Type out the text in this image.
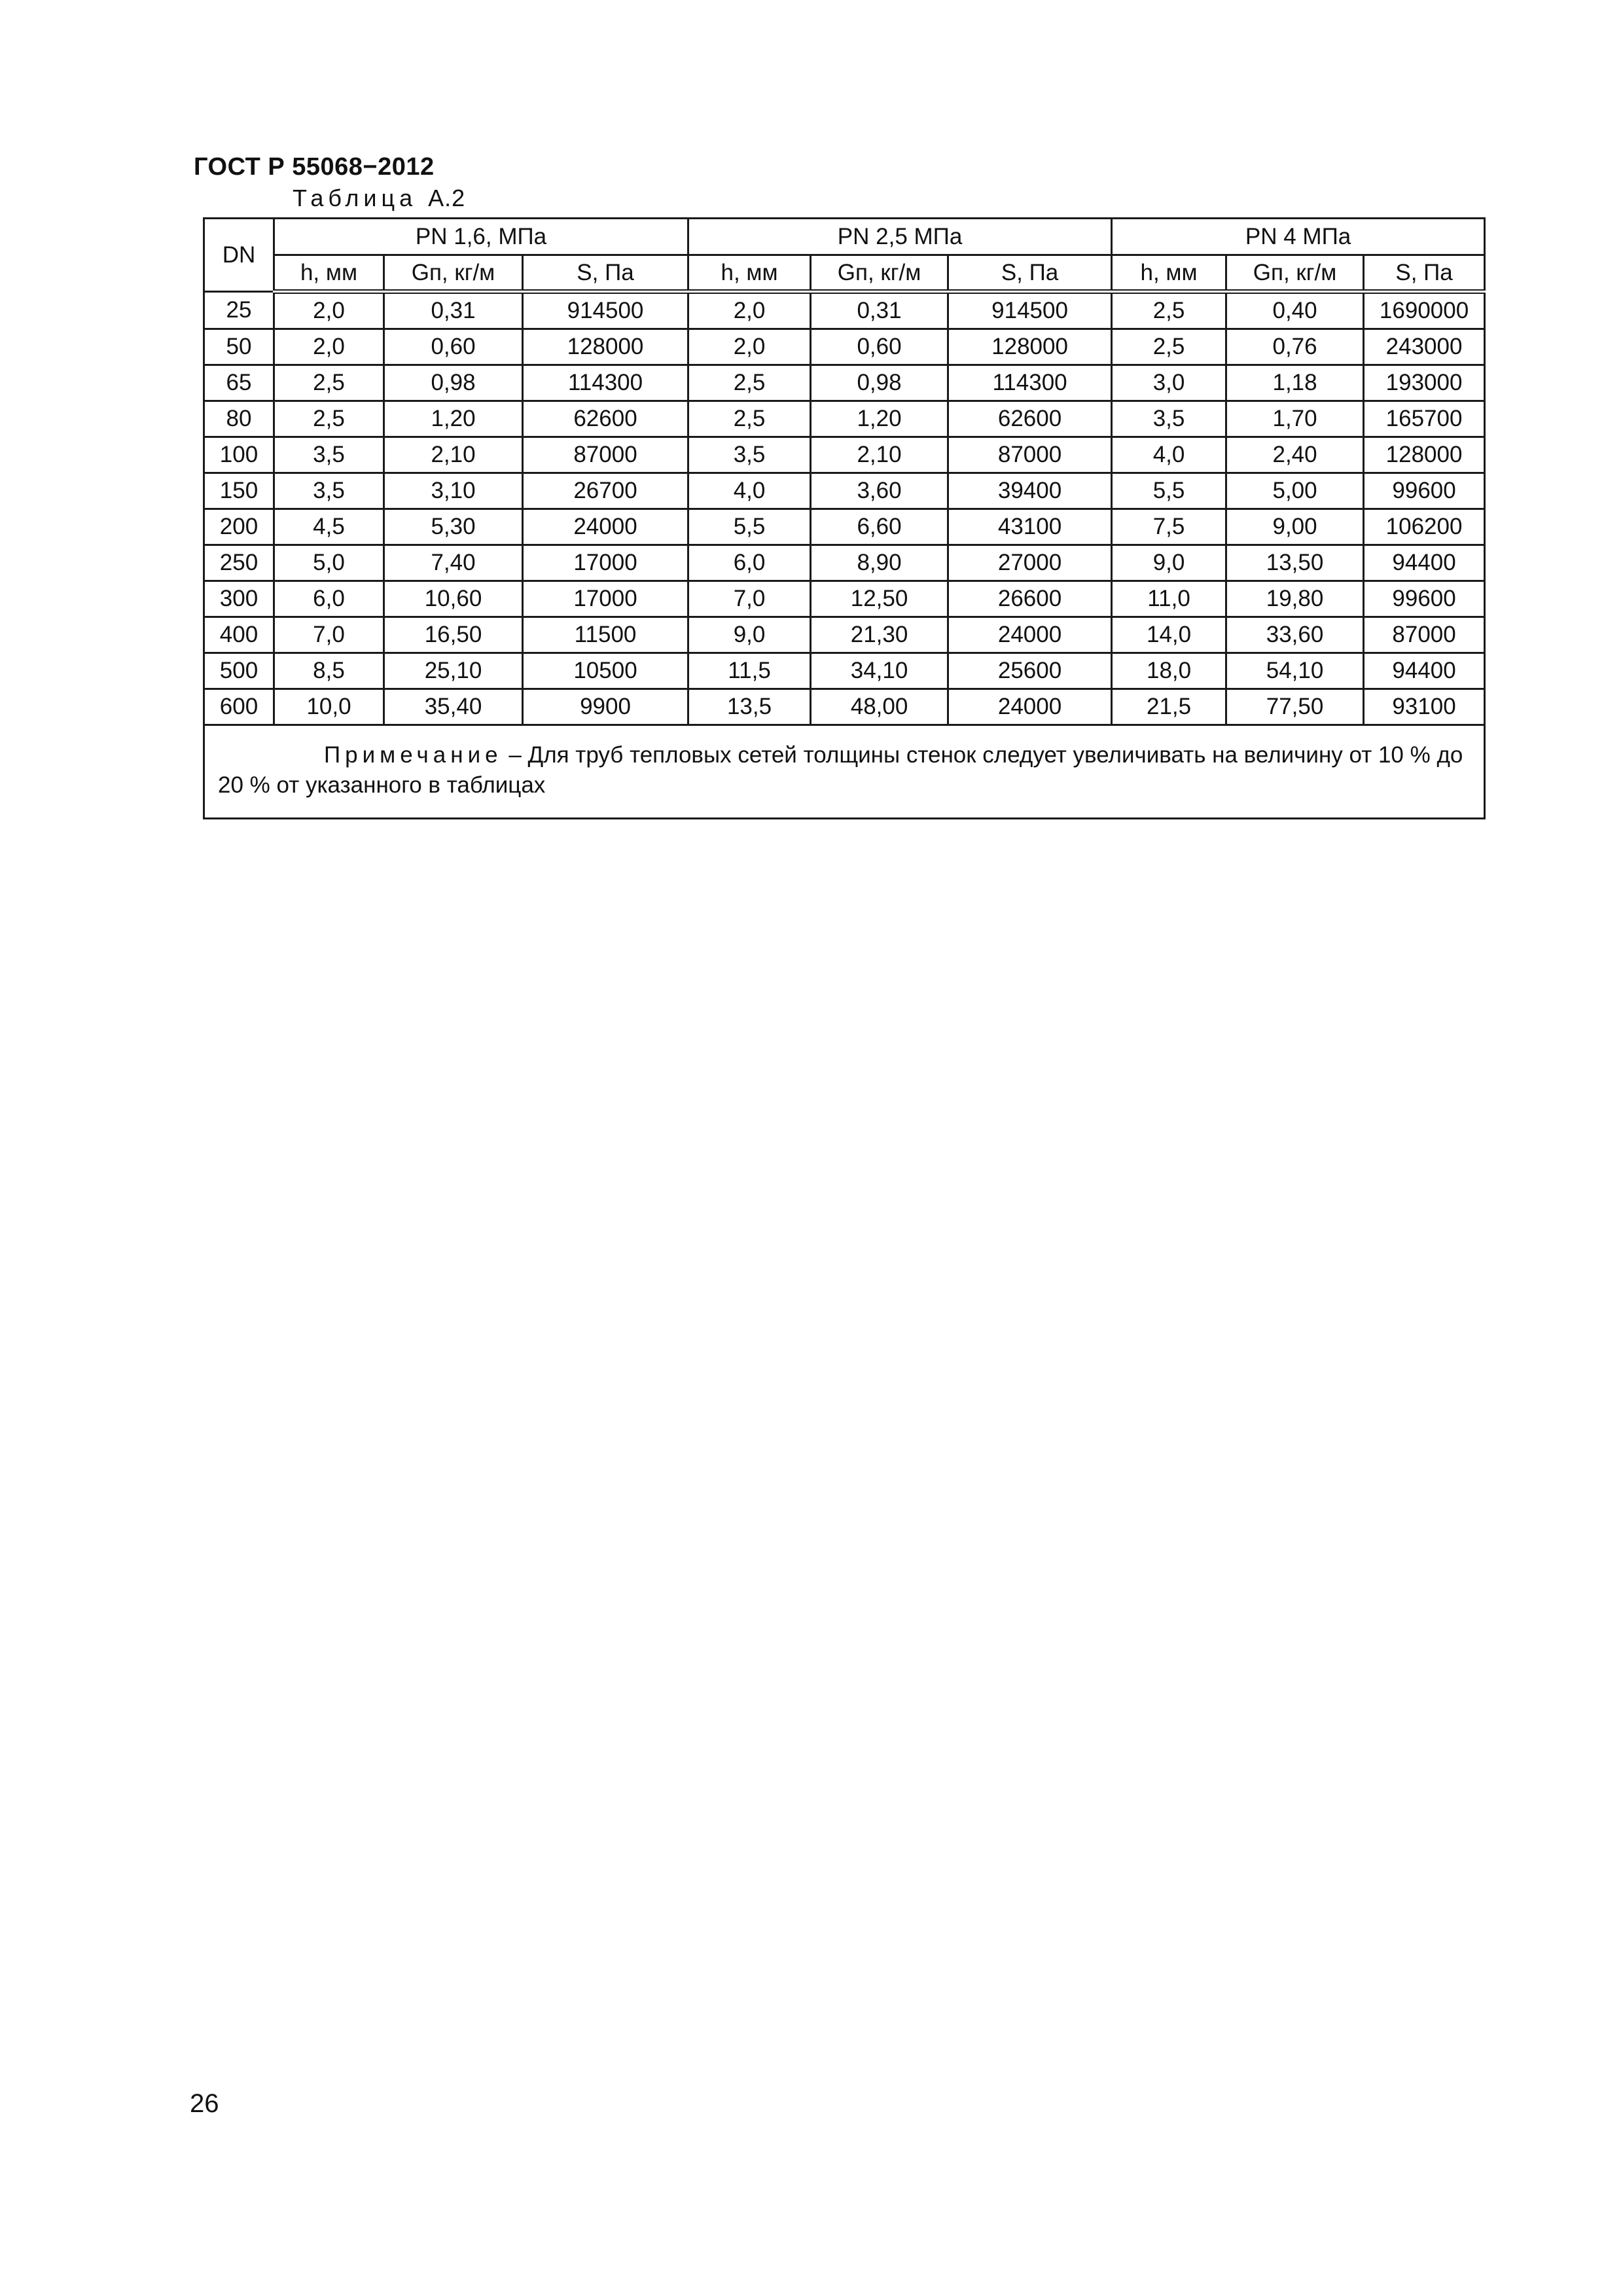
ГОСТ Р 55068−2012
Таблица А.2
DN	PN 1,6, МПа			PN 2,5 МПа			PN 4 МПа		
	h, мм	Gп, кг/м	S, Па	h, мм	Gп, кг/м	S, Па	h, мм	Gп, кг/м	S, Па
25	2,0	0,31	914500	2,0	0,31	914500	2,5	0,40	1690000
50	2,0	0,60	128000	2,0	0,60	128000	2,5	0,76	243000
65	2,5	0,98	114300	2,5	0,98	114300	3,0	1,18	193000
80	2,5	1,20	62600	2,5	1,20	62600	3,5	1,70	165700
100	3,5	2,10	87000	3,5	2,10	87000	4,0	2,40	128000
150	3,5	3,10	26700	4,0	3,60	39400	5,5	5,00	99600
200	4,5	5,30	24000	5,5	6,60	43100	7,5	9,00	106200
250	5,0	7,40	17000	6,0	8,90	27000	9,0	13,50	94400
300	6,0	10,60	17000	7,0	12,50	26600	11,0	19,80	99600
400	7,0	16,50	11500	9,0	21,30	24000	14,0	33,60	87000
500	8,5	25,10	10500	11,5	34,10	25600	18,0	54,10	94400
600	10,0	35,40	9900	13,5	48,00	24000	21,5	77,50	93100
Примечание – Для труб тепловых сетей толщины стенок следует увеличивать на величину от 10 % до 20 % от указанного в таблицах									
26
